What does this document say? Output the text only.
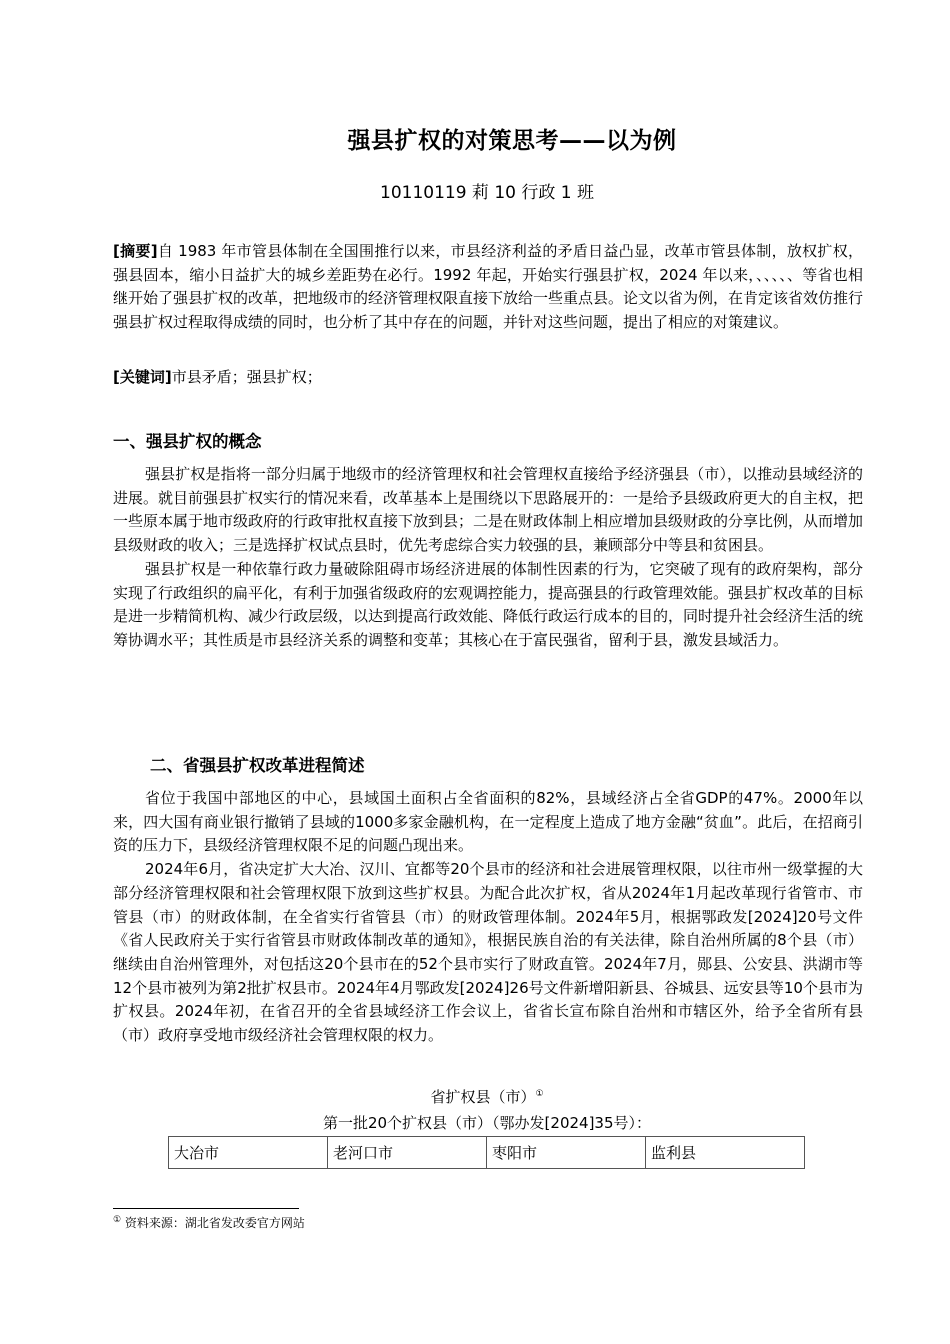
强县扩权的对策思考——以为例
10110119 莉 10 行政 1 班
[摘要]自 1983 年市管县体制在全国围推行以来，市县经济利益的矛盾日益凸显，改革市管县体制，放权扩权，强县固本，缩小日益扩大的城乡差距势在必行。1992 年起，开始实行强县扩权，2024 年以来，、、、、、等省也相继开始了强县扩权的改革，把地级市的经济管理权限直接下放给一些重点县。论文以省为例，在肯定该省效仿推行强县扩权过程取得成绩的同时，也分析了其中存在的问题，并针对这些问题，提出了相应的对策建议。
[关键词]市县矛盾；强县扩权；
一、强县扩权的概念

强县扩权是指将一部分归属于地级市的经济管理权和社会管理权直接给予经济强县（市），以推动县域经济的进展。就目前强县扩权实行的情况来看，改革基本上是围绕以下思路展开的：一是给予县级政府更大的自主权，把一些原本属于地市级政府的行政审批权直接下放到县；二是在财政体制上相应增加县级财政的分享比例，从而增加县级财政的收入；三是选择扩权试点县时，优先考虑综合实力较强的县，兼顾部分中等县和贫困县。

强县扩权是一种依靠行政力量破除阻碍市场经济进展的体制性因素的行为，它突破了现有的政府架构，部分实现了行政组织的扁平化，有利于加强省级政府的宏观调控能力，提高强县的行政管理效能。强县扩权改革的目标是进一步精简机构、减少行政层级，以达到提高行政效能、降低行政运行成本的目的，同时提升社会经济生活的统筹协调水平；其性质是市县经济关系的调整和变革；其核心在于富民强省，留利于县，激发县域活力。

二、省强县扩权改革进程简述

省位于我国中部地区的中心，县域国土面积占全省面积的82%，县域经济占全省GDP的47%。2000年以来，四大国有商业银行撤销了县域的1000多家金融机构，在一定程度上造成了地方金融“贫血”。此后，在招商引资的压力下，县级经济管理权限不足的问题凸现出来。

2024年6月，省决定扩大大冶、汉川、宜都等20个县市的经济和社会进展管理权限，以往市州一级掌握的大部分经济管理权限和社会管理权限下放到这些扩权县。为配合此次扩权，省从2024年1月起改革现行省管市、市管县（市）的财政体制，在全省实行省管县（市）的财政管理体制。2024年5月，根据鄂政发[2024]20号文件《省人民政府关于实行省管县市财政体制改革的通知》，根据民族自治的有关法律，除自治州所属的8个县（市）继续由自治州管理外，对包括这20个县市在的52个县市实行了财政直管。2024年7月，郧县、公安县、洪湖市等12个县市被列为第2批扩权县市。2024年4月鄂政发[2024]26号文件新增阳新县、谷城县、远安县等10个县市为扩权县。2024年初，在省召开的全省县域经济工作会议上，省省长宣布除自治州和市辖区外，给予全省所有县（市）政府享受地市级经济社会管理权限的权力。

省扩权县（市）①
第一批20个扩权县（市）（鄂办发[2024]35号）：
大冶市	老河口市	枣阳市	监利县
① 资料来源：湖北省发改委官方网站
